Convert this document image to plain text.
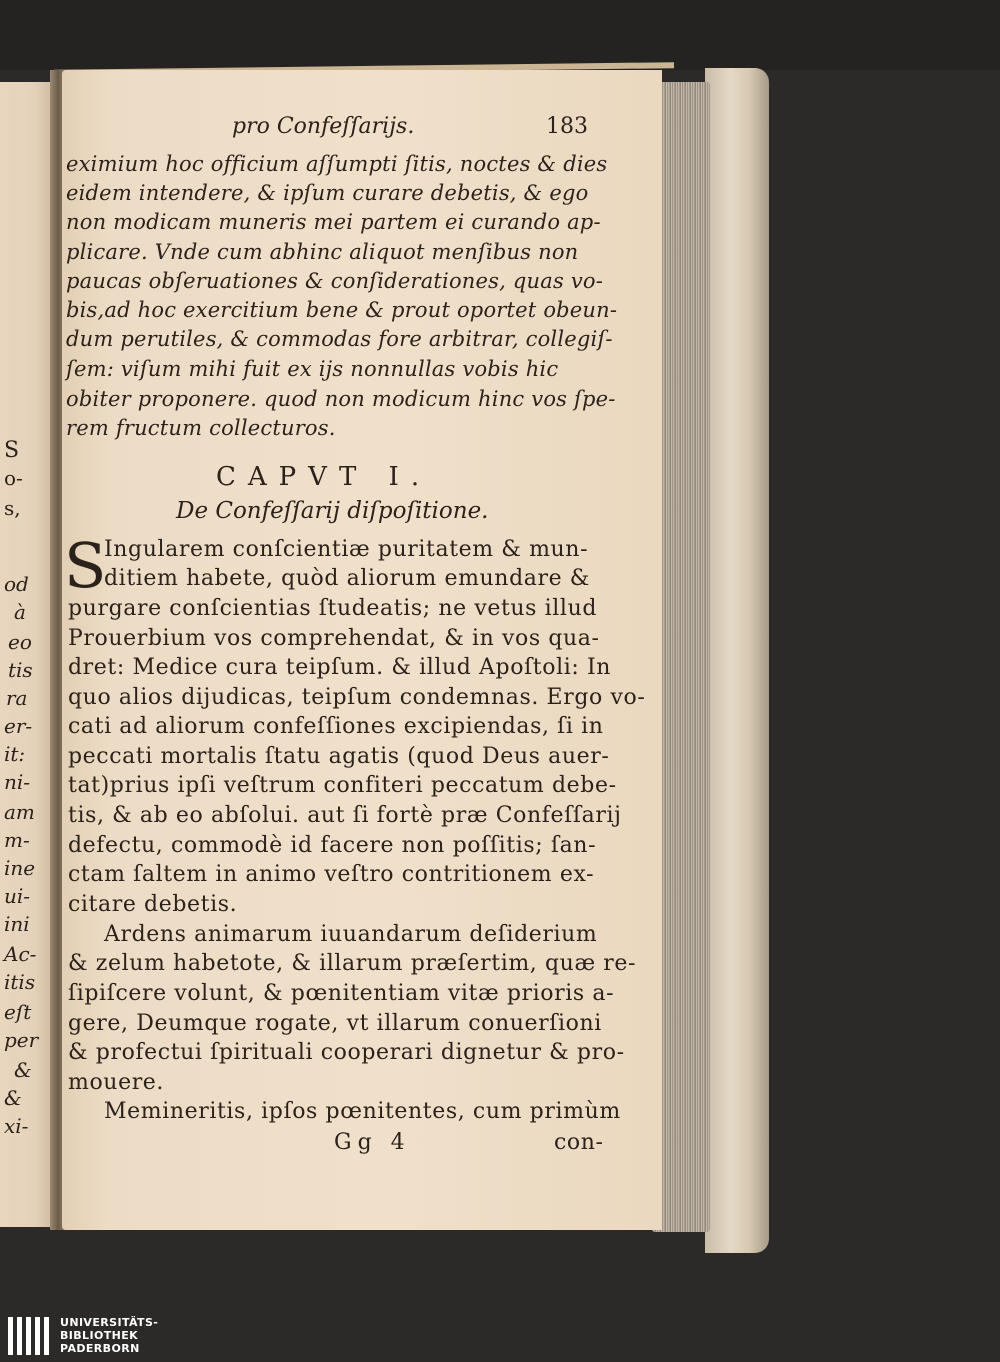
S
o-
s,
od
à
eo
tis
ra
er-
it:
ni-
am
m-
ine
ui-
ini
Ac-
itis
eſt
per
&
&
xi-
pro Confeſſarijs.	183
eximium hoc officium aſſumpti ſitis, noctes & dies
eidem intendere, & ipſum curare debetis, & ego
non modicam muneris mei partem ei curando ap-
plicare. Vnde cum abhinc aliquot menſibus non
paucas obſeruationes & conſiderationes, quas vo-
bis,ad hoc exercitium bene & prout oportet obeun-
dum perutiles, & commodas fore arbitrar, collegiſ-
ſem: viſum mihi fuit ex ijs nonnullas vobis hic
obiter proponere. quod non modicum hinc vos ſpe-
rem fructum collecturos.
CAPVT I.
De Confeſſarij diſpoſitione.
S
Ingularem conſcientiæ puritatem & mun-
ditiem habete, quòd aliorum emundare &
purgare conſcientias ſtudeatis; ne vetus illud
Prouerbium vos comprehendat, & in vos qua-
dret: Medice cura teipſum. & illud Apoſtoli: In
quo alios dijudicas, teipſum condemnas. Ergo vo-
cati ad aliorum confeſſiones excipiendas, ſi in
peccati mortalis ſtatu agatis (quod Deus auer-
tat)prius ipſi veſtrum confiteri peccatum debe-
tis, & ab eo abſolui. aut ſi fortè præ Confeſſarij
defectu, commodè id facere non poſſitis; ſan-
ctam ſaltem in animo veſtro contritionem ex-
citare debetis.
Ardens animarum iuuandarum deſiderium
& zelum habetote, & illarum præſertim, quæ re-
ſipiſcere volunt, & pœnitentiam vitæ prioris a-
gere, Deumque rogate, vt illarum conuerſioni
& profectui ſpirituali cooperari dignetur & pro-
mouere.
Memineritis, ipſos pœnitentes, cum primùm
Gg 4	con-
UNIVERSITÄTS-
BIBLIOTHEK
PADERBORN
